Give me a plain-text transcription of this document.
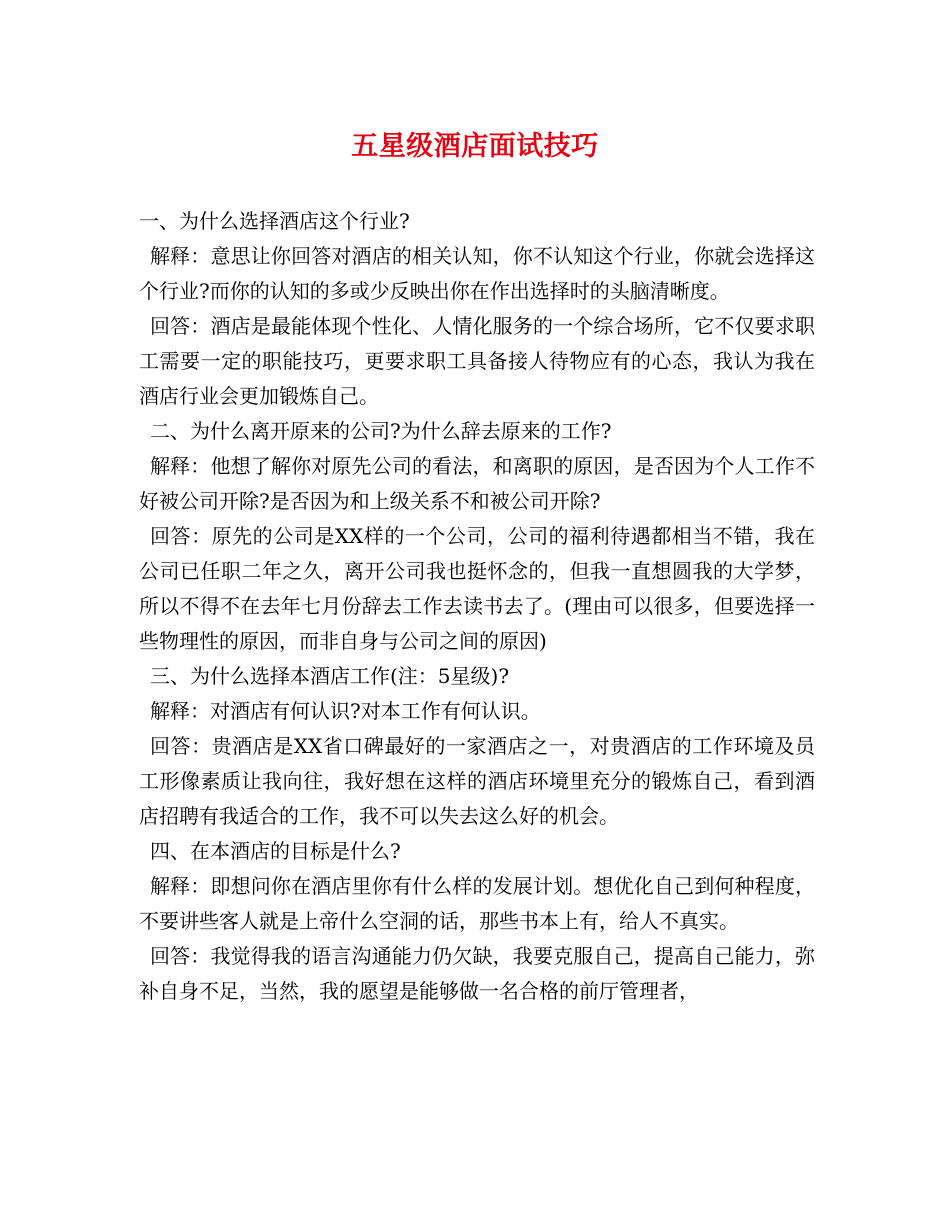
五星级酒店面试技巧

一、为什么选择酒店这个行业?

解释：意思让你回答对酒店的相关认知，你不认知这个行业，你就会选择这个行业?而你的认知的多或少反映出你在作出选择时的头脑清晰度。

回答：酒店是最能体现个性化、人情化服务的一个综合场所，它不仅要求职工需要一定的职能技巧，更要求职工具备接人待物应有的心态，我认为我在酒店行业会更加锻炼自己。

二、为什么离开原来的公司?为什么辞去原来的工作?

解释：他想了解你对原先公司的看法，和离职的原因，是否因为个人工作不好被公司开除?是否因为和上级关系不和被公司开除?

回答：原先的公司是XX样的一个公司，公司的福利待遇都相当不错，我在公司已任职二年之久，离开公司我也挺怀念的，但我一直想圆我的大学梦，所以不得不在去年七月份辞去工作去读书去了。(理由可以很多，但要选择一些物理性的原因，而非自身与公司之间的原因)

三、为什么选择本酒店工作(注：5星级)?

解释：对酒店有何认识?对本工作有何认识。

回答：贵酒店是XX省口碑最好的一家酒店之一，对贵酒店的工作环境及员工形像素质让我向往，我好想在这样的酒店环境里充分的锻炼自己，看到酒店招聘有我适合的工作，我不可以失去这么好的机会。

四、在本酒店的目标是什么?

解释：即想问你在酒店里你有什么样的发展计划。想优化自己到何种程度，不要讲些客人就是上帝什么空洞的话，那些书本上有，给人不真实。

回答：我觉得我的语言沟通能力仍欠缺，我要克服自己，提高自己能力，弥补自身不足，当然，我的愿望是能够做一名合格的前厅管理者，
